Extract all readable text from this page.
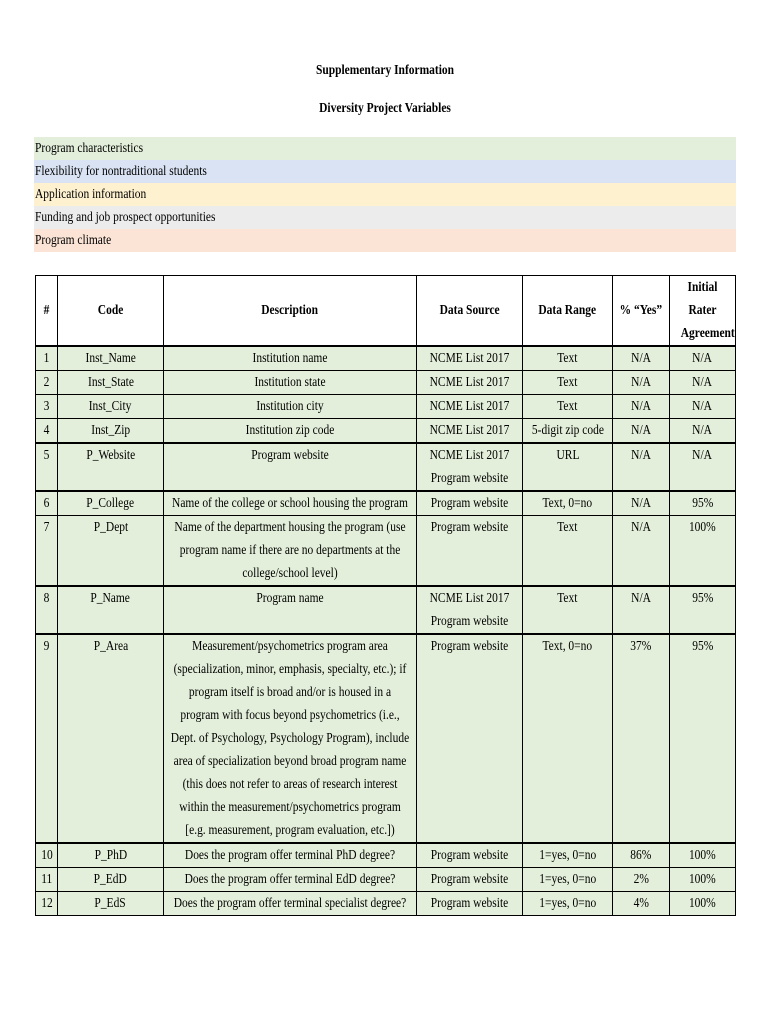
Supplementary Information
Diversity Project Variables
Program characteristics
Flexibility for nontraditional students
Application information
Funding and job prospect opportunities
Program climate
#	Code	Description	Data Source	Data Range	% “Yes”	Initial Rater Agreement

1	Inst_Name	Institution name	NCME List 2017	Text	N/A	N/A
2	Inst_State	Institution state	NCME List 2017	Text	N/A	N/A
3	Inst_City	Institution city	NCME List 2017	Text	N/A	N/A
4	Inst_Zip	Institution zip code	NCME List 2017	5-digit zip code	N/A	N/A
5	P_Website	Program website	NCME List 2017 Program website	URL	N/A	N/A
6	P_College	Name of the college or school housing the program	Program website	Text, 0=no	N/A	95%
7	P_Dept	Name of the department housing the program (use program name if there are no departments at the college/school level)	Program website	Text	N/A	100%
8	P_Name	Program name	NCME List 2017 Program website	Text	N/A	95%
9	P_Area	Measurement/psychometrics program area (specialization, minor, emphasis, specialty, etc.); if program itself is broad and/or is housed in a program with focus beyond psychometrics (i.e., Dept. of Psychology, Psychology Program), include area of specialization beyond broad program name (this does not refer to areas of research interest within the measurement/psychometrics program [e.g. measurement, program evaluation, etc.])	Program website	Text, 0=no	37%	95%
10	P_PhD	Does the program offer terminal PhD degree?	Program website	1=yes, 0=no	86%	100%
11	P_EdD	Does the program offer terminal EdD degree?	Program website	1=yes, 0=no	2%	100%
12	P_EdS	Does the program offer terminal specialist degree?	Program website	1=yes, 0=no	4%	100%
